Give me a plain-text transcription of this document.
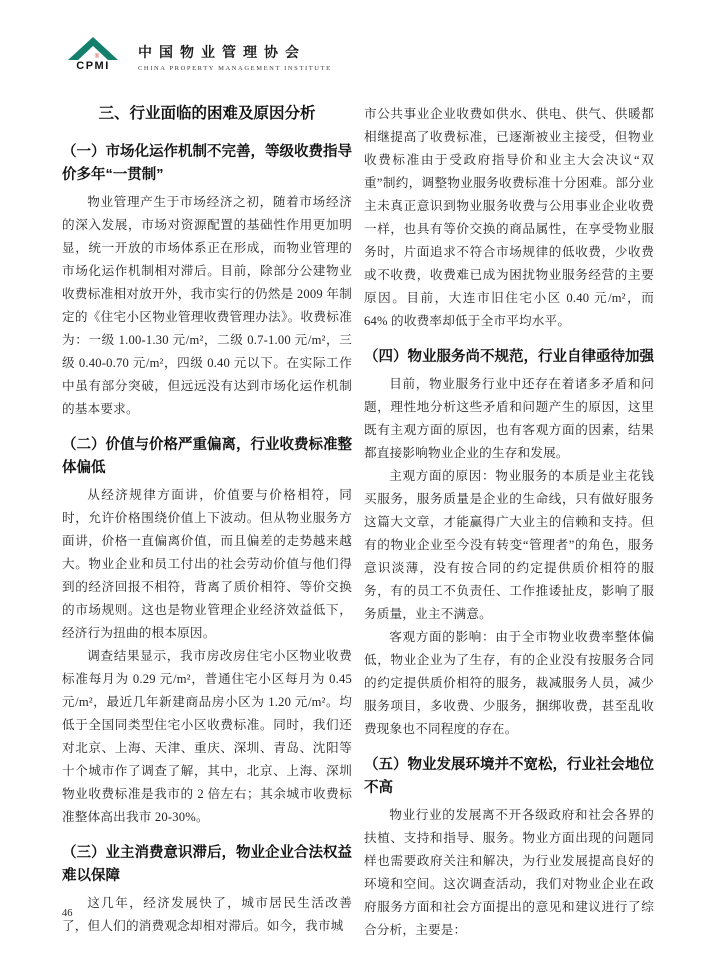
®
CPMI
中国物业管理协会
CHINA PROPERTY MANAGEMENT INSTITUTE
三、行业面临的困难及原因分析
（一）市场化运作机制不完善，等级收费指导价多年“一贯制”

物业管理产生于市场经济之初，随着市场经济的深入发展，市场对资源配置的基础性作用更加明显，统一开放的市场体系正在形成，而物业管理的市场化运作机制相对滞后。目前，除部分公建物业收费标准相对放开外，我市实行的仍然是 2009 年制定的《住宅小区物业管理收费管理办法》。收费标准为：一级 1.00-1.30 元/m²，二级 0.7-1.00 元/m²，三级 0.40-0.70 元/m²，四级 0.40 元以下。在实际工作中虽有部分突破，但远远没有达到市场化运作机制的基本要求。

（二）价值与价格严重偏离，行业收费标准整体偏低

从经济规律方面讲，价值要与价格相符，同时，允许价格围绕价值上下波动。但从物业服务方面讲，价格一直偏离价值，而且偏差的走势越来越大。物业企业和员工付出的社会劳动价值与他们得到的经济回报不相符，背离了质价相符、等价交换的市场规则。这也是物业管理企业经济效益低下，经济行为扭曲的根本原因。

调查结果显示，我市房改房住宅小区物业收费标准每月为 0.29 元/m²，普通住宅小区每月为 0.45 元/m²，最近几年新建商品房小区为 1.20 元/m²。均低于全国同类型住宅小区收费标准。同时，我们还对北京、上海、天津、重庆、深圳、青岛、沈阳等十个城市作了调查了解，其中，北京、上海、深圳物业收费标准是我市的 2 倍左右；其余城市收费标准整体高出我市 20-30%。

（三）业主消费意识滞后，物业企业合法权益难以保障

这几年，经济发展快了，城市居民生活改善了，但人们的消费观念却相对滞后。如今，我市城

市公共事业企业收费如供水、供电、供气、供暖都相继提高了收费标准，已逐渐被业主接受，但物业收费标准由于受政府指导价和业主大会决议“双重”制约，调整物业服务收费标准十分困难。部分业主未真正意识到物业服务收费与公用事业企业收费一样，也具有等价交换的商品属性，在享受物业服务时，片面追求不符合市场规律的低收费，少收费或不收费，收费难已成为困扰物业服务经营的主要原因。目前，大连市旧住宅小区 0.40 元/m²，而 64% 的收费率却低于全市平均水平。

（四）物业服务尚不规范，行业自律亟待加强

目前，物业服务行业中还存在着诸多矛盾和问题，理性地分析这些矛盾和问题产生的原因，这里既有主观方面的原因，也有客观方面的因素，结果都直接影响物业企业的生存和发展。

主观方面的原因：物业服务的本质是业主花钱买服务，服务质量是企业的生命线，只有做好服务这篇大文章，才能赢得广大业主的信赖和支持。但有的物业企业至今没有转变“管理者”的角色，服务意识淡薄，没有按合同的约定提供质价相符的服务，有的员工不负责任、工作推诿扯皮，影响了服务质量，业主不满意。

客观方面的影响：由于全市物业收费率整体偏低，物业企业为了生存，有的企业没有按服务合同的约定提供质价相符的服务，裁减服务人员，减少服务项目，多收费、少服务，捆绑收费，甚至乱收费现象也不同程度的存在。

（五）物业发展环境并不宽松，行业社会地位不高

物业行业的发展离不开各级政府和社会各界的扶植、支持和指导、服务。物业方面出现的问题同样也需要政府关注和解决，为行业发展提高良好的环境和空间。这次调查活动，我们对物业企业在政府服务方面和社会方面提出的意见和建议进行了综合分析，主要是：

46
